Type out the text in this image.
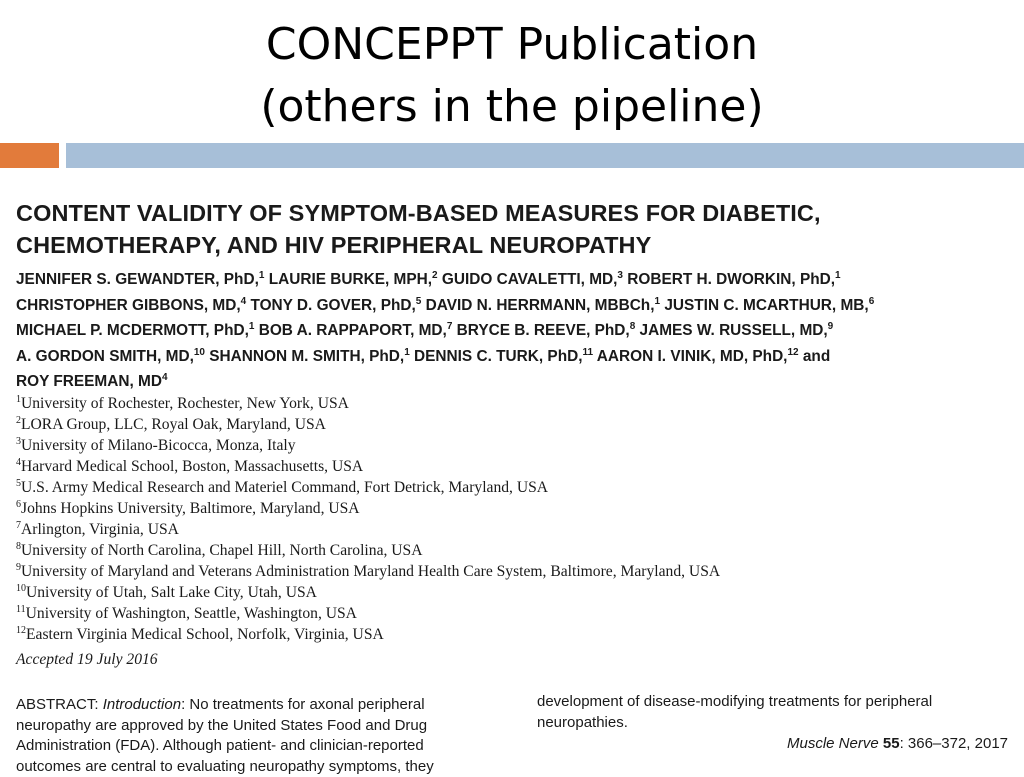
CONCEPPT Publication
(others in the pipeline)
CONTENT VALIDITY OF SYMPTOM-BASED MEASURES FOR DIABETIC,
CHEMOTHERAPY, AND HIV PERIPHERAL NEUROPATHY
JENNIFER S. GEWANDTER, PhD,$^1$ LAURIE BURKE, MPH,$^2$ GUIDO CAVALETTI, MD,$^3$ ROBERT H. DWORKIN, PhD,$^1$
CHRISTOPHER GIBBONS, MD,$^4$ TONY D. GOVER, PhD,$^5$ DAVID N. HERRMANN, MBBCh,$^1$ JUSTIN C. MCARTHUR, MB,$^6$
MICHAEL P. MCDERMOTT, PhD,$^1$ BOB A. RAPPAPORT, MD,$^7$ BRYCE B. REEVE, PhD,$^8$ JAMES W. RUSSELL, MD,$^9$
A. GORDON SMITH, MD,$^{10}$ SHANNON M. SMITH, PhD,$^1$ DENNIS C. TURK, PhD,$^{11}$ AARON I. VINIK, MD, PhD,$^{12}$ and
ROY FREEMAN, $MD^4$
$^1$University of Rochester, Rochester, New York, USA
$^2$LORA Group, LLC, Royal Oak, Maryland, USA
$^3$University of Milano-Bicocca, Monza, Italy
$^4$Harvard Medical School, Boston, Massachusetts, USA
$^5$U.S. Army Medical Research and Materiel Command, Fort Detrick, Maryland, USA
$^6$Johns Hopkins University, Baltimore, Maryland, USA
$^7$Arlington, Virginia, USA
$^8$University of North Carolina, Chapel Hill, North Carolina, USA
$^9$University of Maryland and Veterans Administration Maryland Health Care System, Baltimore, Maryland, USA
$^{10}$University of Utah, Salt Lake City, Utah, USA
$^{11}$University of Washington, Seattle, Washington, USA
$^{12}$Eastern Virginia Medical School, Norfolk, Virginia, USA
Accepted 19 July 2016
ABSTRACT: Introduction: No treatments for axonal peripheral
neuropathy are approved by the United States Food and Drug
Administration (FDA). Although patient- and clinician-reported
outcomes are central to evaluating neuropathy symptoms, they
development of disease-modifying treatments for peripheral
neuropathies.
Muscle Nerve 55: 366–372, 2017
